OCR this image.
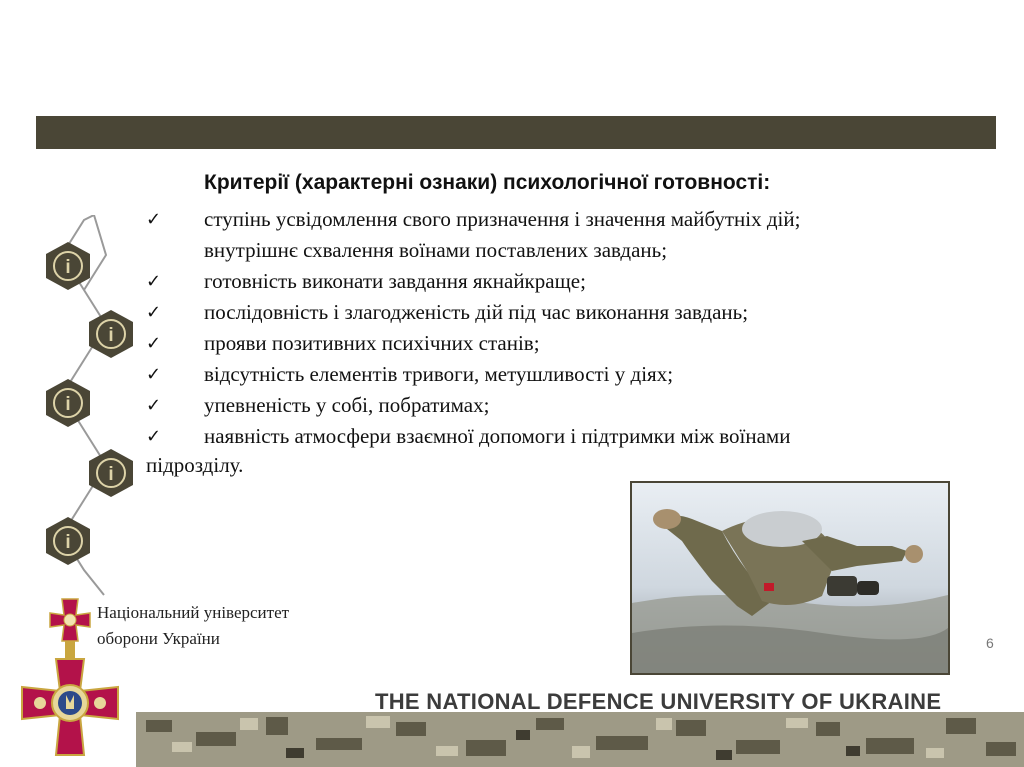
i
i
i
i
i
Критерії (характерні ознаки) психологічної готовності:
✓	ступінь усвідомлення свого призначення і значення майбутніх дій;
внутрішнє схвалення воїнами поставлених завдань;
✓	готовність виконати завдання якнайкраще;
✓	послідовність і злагодженість дій під час виконання завдань;
✓	прояви позитивних психічних станів;
✓	відсутність елементів тривоги, метушливості у діях;
✓	упевненість у собі, побратимах;
✓	наявність атмосфери взаємної допомоги і підтримки між воїнами
підрозділу.
Національний університет
оборони України	6
THE NATIONAL DEFENCE UNIVERSITY OF UKRAINE
